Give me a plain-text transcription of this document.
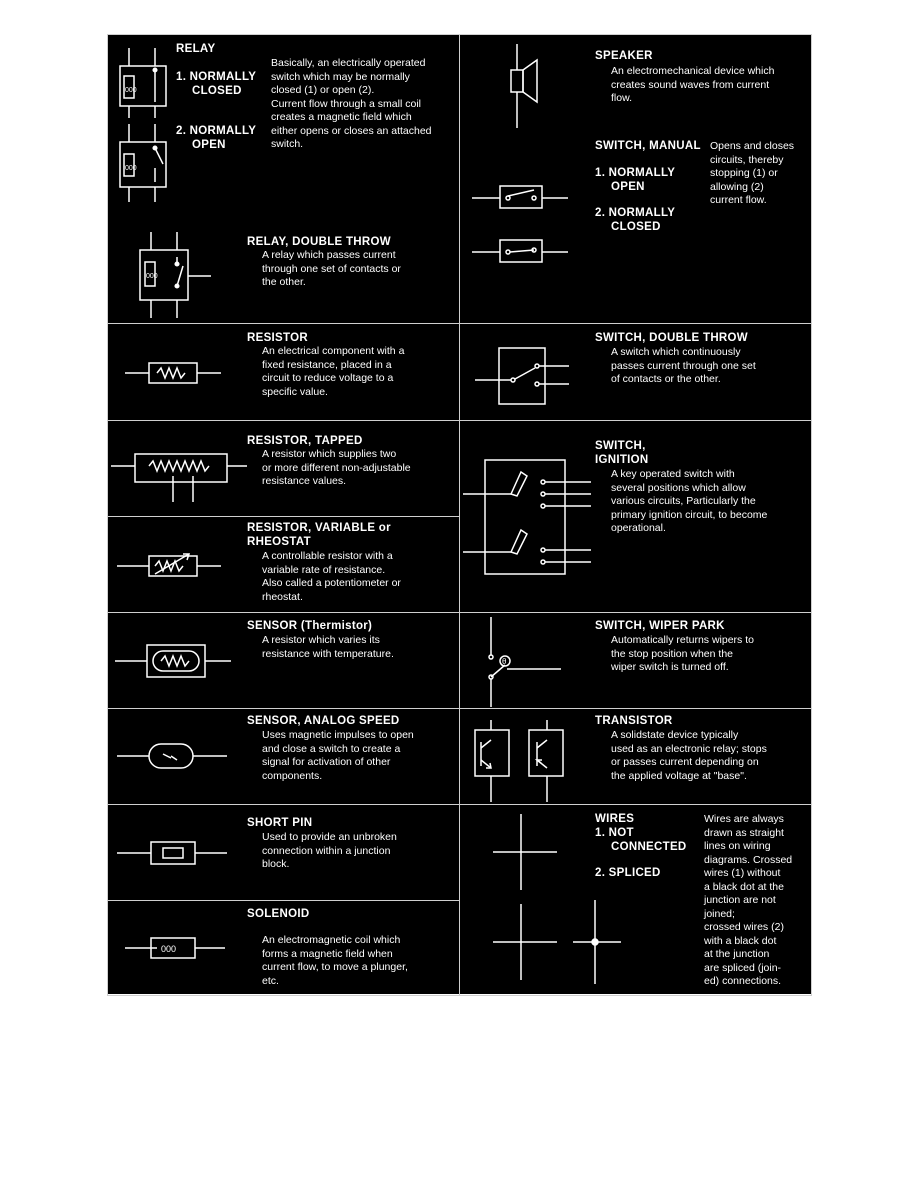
RELAY
1. NORMALLY
CLOSED
2. NORMALLY
OPEN
Basically, an electrically operated
switch which may be normally
closed (1) or open (2).
Current flow through a small coil
creates a magnetic field which
either opens or closes an attached
switch.
000
000
RELAY, DOUBLE THROW
A relay which passes current
through one set of contacts or
the other.
000
SPEAKER
An electromechanical device which
creates sound waves from current
flow.
SWITCH, MANUAL
1. NORMALLY
OPEN
2. NORMALLY
CLOSED
Opens and closes
circuits, thereby
stopping (1) or
allowing (2)
current flow.
RESISTOR
An electrical component with a
fixed resistance, placed in a
circuit to reduce voltage to a
specific value.
SWITCH, DOUBLE THROW
A switch which continuously
passes current through one set
of contacts or the other.
RESISTOR, TAPPED
A resistor which supplies two
or more different non-adjustable
resistance values.
RESISTOR, VARIABLE or
RHEOSTAT
A controllable resistor with a
variable rate of resistance.
Also called a potentiometer or
rheostat.
SWITCH,
IGNITION
A key operated switch with
several positions which allow
various circuits, Particularly the
primary ignition circuit, to become
operational.
SENSOR (Thermistor)
A resistor which varies its
resistance with temperature.
SWITCH, WIPER PARK
Automatically returns wipers to
the stop position when the
wiper switch is turned off.
θ
SENSOR, ANALOG SPEED
Uses magnetic impulses to open
and close a switch to create a
signal for activation of other
components.
TRANSISTOR
A solidstate device typically
used as an electronic relay; stops
or passes current depending on
the applied voltage at "base".
SHORT PIN
Used to provide an unbroken
connection within a junction
block.
SOLENOID
An electromagnetic coil which
forms a magnetic field when
current flow, to move a plunger,
etc.
000
WIRES
1. NOT
CONNECTED
2. SPLICED
Wires are always
drawn as straight
lines on wiring
diagrams. Crossed
wires (1) without
a black dot at the
junction are not
joined;
crossed wires (2)
with a black dot
at the junction
are spliced (join-
ed) connections.
